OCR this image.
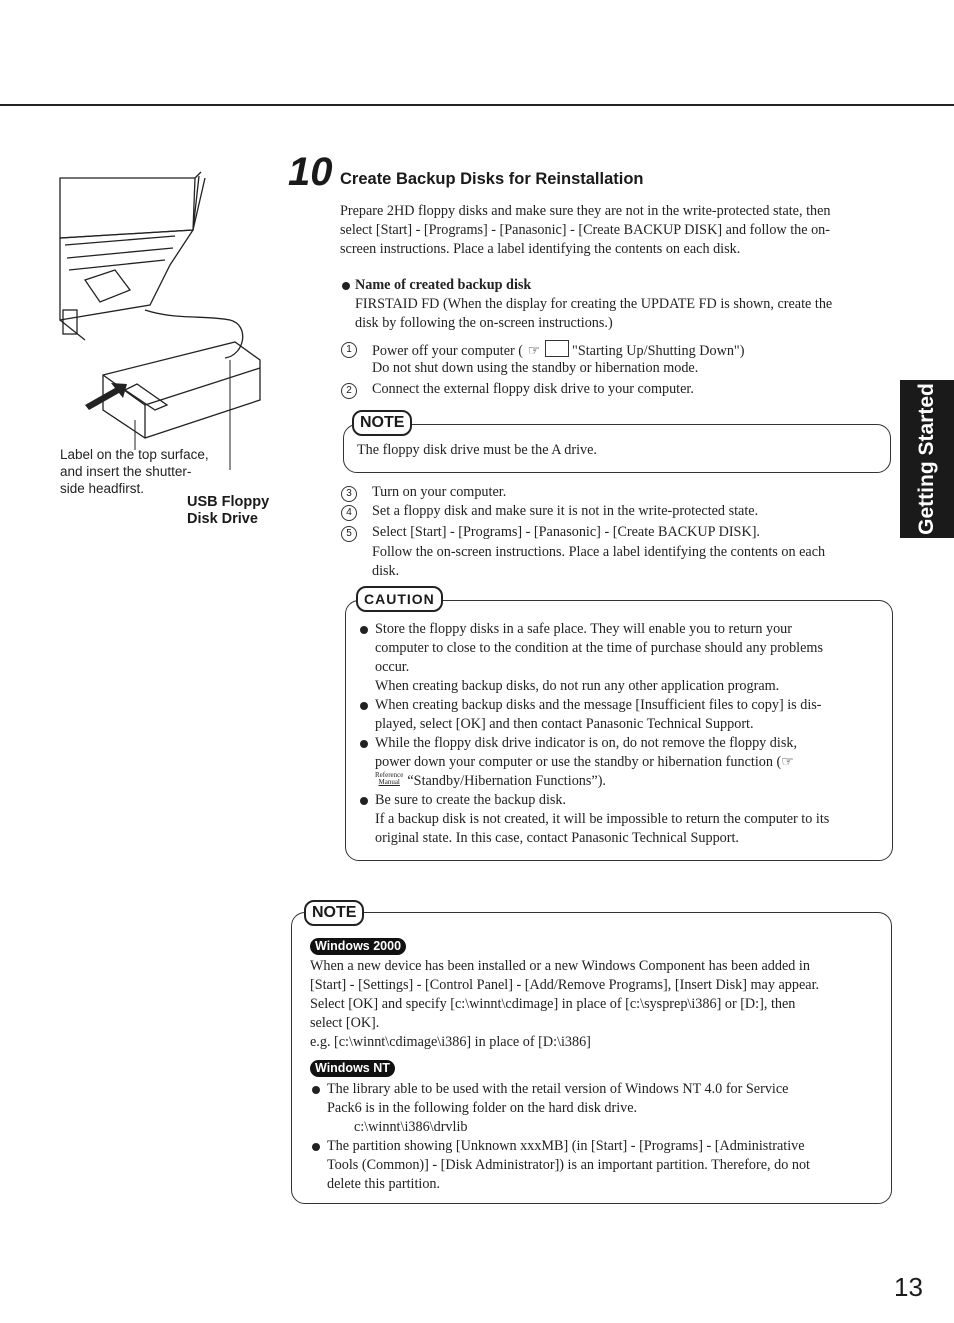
Label on the top surface,
and insert the shutter-
side headfirst.
USB Floppy
Disk Drive
10 Create Backup Disks for Reinstallation
Getting Started
Prepare 2HD floppy disks and make sure they are not in the write-protected state, then
select [Start] - [Programs] - [Panasonic] - [Create BACKUP DISK] and follow the on-
screen instructions. Place a label identifying the contents on each disk.
Name of created backup disk
FIRSTAID FD (When the display for creating the UPDATE FD is shown, create the
disk by following the on-screen instructions.)
1	Power off your computer ( ☞ "Starting Up/Shutting Down")
Do not shut down using the standby or hibernation mode.
2	Connect the external floppy disk drive to your computer.
NOTE
The floppy disk drive must be the A drive.
3	Turn on your computer.
4	Set a floppy disk and make sure it is not in the write-protected state.
5	Select [Start] - [Programs] - [Panasonic] - [Create BACKUP DISK].
Follow the on-screen instructions. Place a label identifying the contents on each
disk.
CAUTION
Store the floppy disks in a safe place. They will enable you to return your
computer to close to the condition at the time of purchase should any problems
occur.
When creating backup disks, do not run any other application program.
When creating backup disks and the message [Insufficient files to copy] is dis-
played, select [OK] and then contact Panasonic Technical Support.
While the floppy disk drive indicator is on, do not remove the floppy disk,
power down your computer or use the standby or hibernation function (☞
Reference
Manual “Standby/Hibernation Functions”).
Be sure to create the backup disk.
If a backup disk is not created, it will be impossible to return the computer to its
original state. In this case, contact Panasonic Technical Support.
NOTE
Windows 2000
When a new device has been installed or a new Windows Component has been added in
[Start] - [Settings] - [Control Panel] - [Add/Remove Programs], [Insert Disk] may appear.
Select [OK] and specify [c:\winnt\cdimage] in place of [c:\sysprep\i386] or [D:], then
select [OK].
e.g. [c:\winnt\cdimage\i386] in place of [D:\i386]
Windows NT
The library able to be used with the retail version of Windows NT 4.0 for Service
Pack6 is in the following folder on the hard disk drive.
c:\winnt\i386\drvlib
The partition showing [Unknown xxxMB] (in [Start] - [Programs] - [Administrative
Tools (Common)] - [Disk Administrator]) is an important partition. Therefore, do not
delete this partition.
13
